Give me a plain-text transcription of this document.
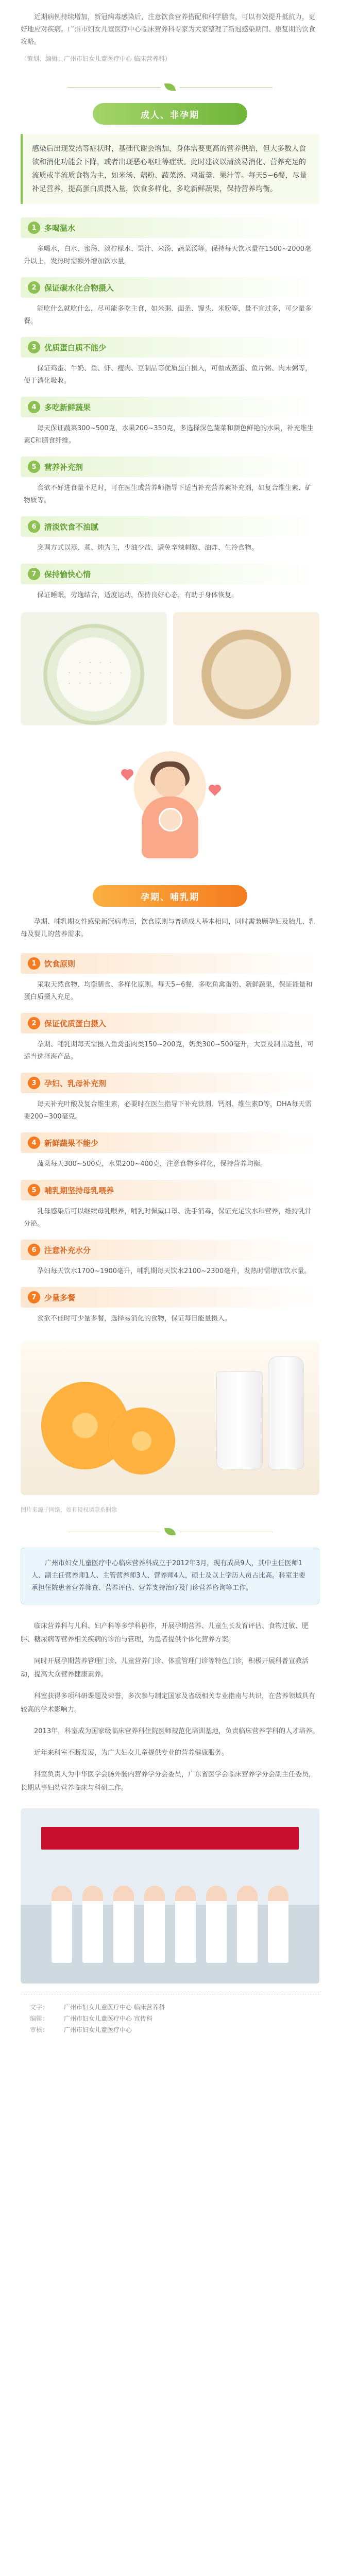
近期病例持续增加，新冠病毒感染后，注意饮食营养搭配和科学膳食，可以有效提升抵抗力，更好地应对疾病。广州市妇女儿童医疗中心临床营养科专家为大家整理了新冠感染期间、康复期的饮食攻略。

（策划、编辑：广州市妇女儿童医疗中心 临床营养科）

成人、非孕期
感染后出现发热等症状时，基础代谢会增加，身体需要更高的营养供给，但大多数人食欲和消化功能会下降，或者出现恶心呕吐等症状。此时建议以清淡易消化、营养充足的流质或半流质食物为主，如米汤、藕粉、蔬菜汤、鸡蛋羹、果汁等。每天5~6餐，尽量补足营养，提高蛋白质摄入量，饮食多样化，多吃新鲜蔬果，保持营养均衡。
1	多喝温水

多喝水，白水、蜜汤、淡柠檬水、果汁、米汤、蔬菜汤等。保持每天饮水量在1500~2000毫升以上，发热时需额外增加饮水量。

2	保证碳水化合物摄入

能吃什么就吃什么，尽可能多吃主食，如米粥、面条、馒头、米粉等，量不宜过多，可少量多餐。

3	优质蛋白质不能少

保证鸡蛋、牛奶、鱼、虾、瘦肉、豆制品等优质蛋白摄入，可做成蒸蛋、鱼片粥、肉末粥等，便于消化吸收。

4	多吃新鲜蔬果

每天保证蔬菜300~500克，水果200~350克，多选择深色蔬菜和颜色鲜艳的水果，补充维生素C和膳食纤维。

5	营养补充剂

食欲不好进食量不足时，可在医生或营养师指导下适当补充营养素补充剂，如复合维生素、矿物质等。

6	清淡饮食不油腻

烹调方式以蒸、煮、炖为主，少油少盐，避免辛辣刺激、油炸、生冷食物。

7	保持愉快心情

保证睡眠，劳逸结合，适度运动，保持良好心态，有助于身体恢复。

孕期、哺乳期

孕期、哺乳期女性感染新冠病毒后，饮食原则与普通成人基本相同，同时需兼顾孕妇及胎儿、乳母及婴儿的营养需求。

1	饮食原则

采取天然食物、均衡膳食、多样化原则。每天5~6餐，多吃鱼禽蛋奶、新鲜蔬果，保证能量和蛋白质摄入充足。

2	保证优质蛋白摄入

孕期、哺乳期每天需摄入鱼禽蛋肉类150~200克，奶类300~500毫升，大豆及制品适量，可适当选择海产品。

3	孕妇、乳母补充剂

每天补充叶酸及复合维生素，必要时在医生指导下补充铁剂、钙剂、维生素D等，DHA每天需要200~300毫克。

4	新鲜蔬果不能少

蔬菜每天300~500克，水果200~400克，注意食物多样化，保持营养均衡。

5	哺乳期坚持母乳喂养

乳母感染后可以继续母乳喂养，哺乳时佩戴口罩、洗手消毒，保证充足饮水和营养，维持乳汁分泌。

6	注意补充水分

孕妇每天饮水1700~1900毫升，哺乳期每天饮水2100~2300毫升，发热时需增加饮水量。

7	少量多餐

食欲不佳时可少量多餐，选择易消化的食物，保证每日能量摄入。

图片来源于网络，如有侵权请联系删除

广州市妇女儿童医疗中心临床营养科成立于2012年3月，现有成员9人，其中主任医师1人、副主任营养师1人、主管营养师3人、营养师4人，硕士及以上学历人员占比高。科室主要承担住院患者营养筛查、营养评估、营养支持治疗及门诊营养咨询等工作。

临床营养科与儿科、妇产科等多学科协作，开展孕期营养、儿童生长发育评估、食物过敏、肥胖、糖尿病等营养相关疾病的诊治与管理，为患者提供个体化营养方案。

同时开展孕期营养管理门诊、儿童营养门诊、体重管理门诊等特色门诊，积极开展科普宣教活动，提高大众营养健康素养。

科室获得多项科研课题及荣誉，多次参与制定国家及省级相关专业指南与共识，在营养领域具有较高的学术影响力。

2013年，科室成为国家级临床营养科住院医师规范化培训基地，负责临床营养学科的人才培养。

近年来科室不断发展，为广大妇女儿童提供专业的营养健康服务。

科室负责人为中华医学会肠外肠内营养学分会委员，广东省医学会临床营养学分会副主任委员，长期从事妇幼营养临床与科研工作。

文字：	广州市妇女儿童医疗中心 临床营养科
编辑：	广州市妇女儿童医疗中心 宣传科
审核：	广州市妇女儿童医疗中心
